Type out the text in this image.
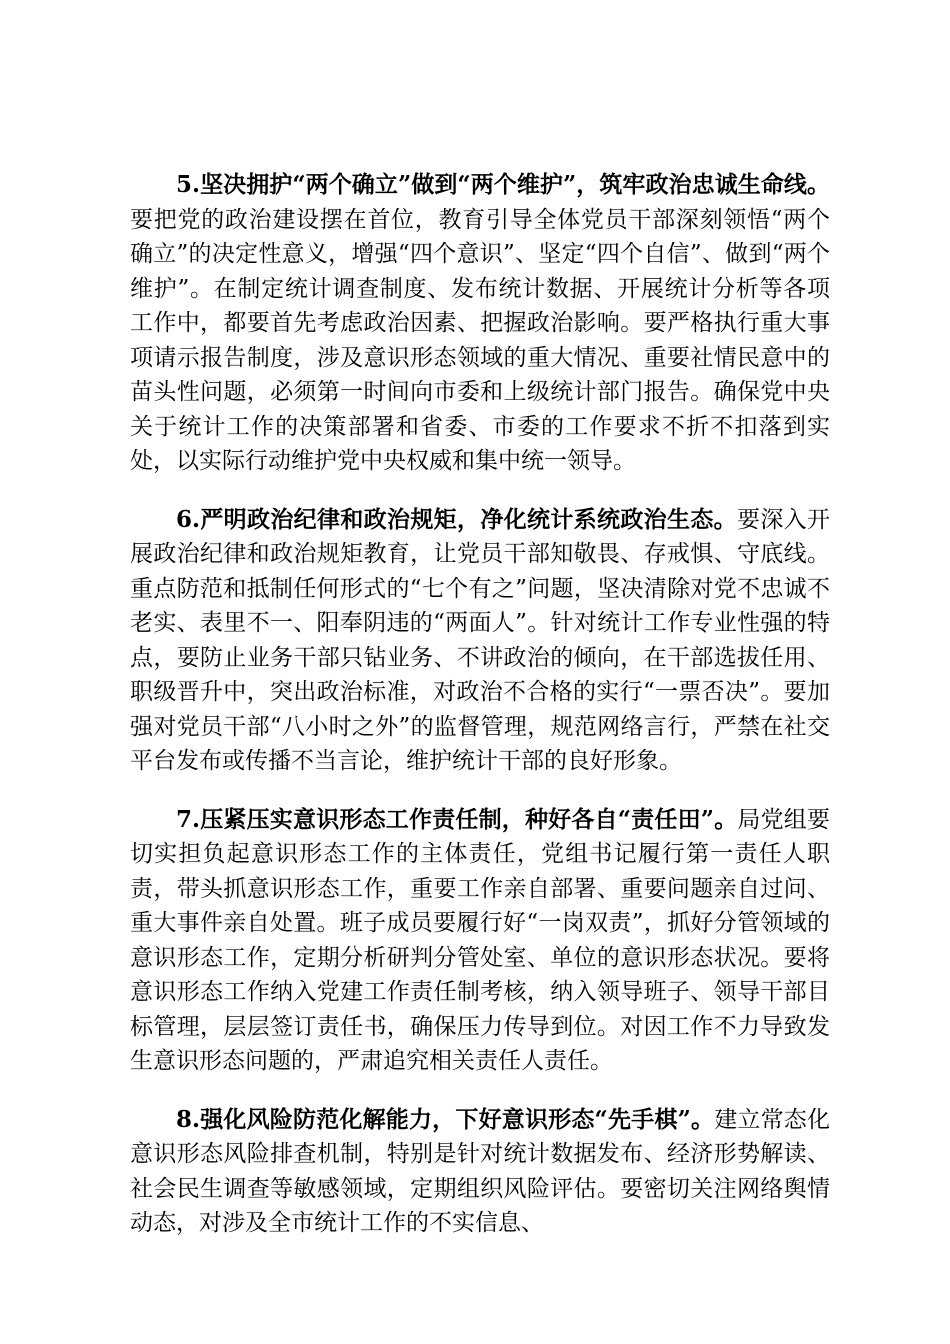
5.坚决拥护“两个确立”做到“两个维护”，筑牢政治忠诚生命线。要把党的政治建设摆在首位，教育引导全体党员干部深刻领悟“两个确立”的决定性意义，增强“四个意识”、坚定“四个自信”、做到“两个维护”。在制定统计调查制度、发布统计数据、开展统计分析等各项工作中，都要首先考虑政治因素、把握政治影响。要严格执行重大事项请示报告制度，涉及意识形态领域的重大情况、重要社情民意中的苗头性问题，必须第一时间向市委和上级统计部门报告。确保党中央关于统计工作的决策部署和省委、市委的工作要求不折不扣落到实处，以实际行动维护党中央权威和集中统一领导。

6.严明政治纪律和政治规矩，净化统计系统政治生态。要深入开展政治纪律和政治规矩教育，让党员干部知敬畏、存戒惧、守底线。重点防范和抵制任何形式的“七个有之”问题，坚决清除对党不忠诚不老实、表里不一、阳奉阴违的“两面人”。针对统计工作专业性强的特点，要防止业务干部只钻业务、不讲政治的倾向，在干部选拔任用、职级晋升中，突出政治标准，对政治不合格的实行“一票否决”。要加强对党员干部“八小时之外”的监督管理，规范网络言行，严禁在社交平台发布或传播不当言论，维护统计干部的良好形象。

7.压紧压实意识形态工作责任制，种好各自“责任田”。局党组要切实担负起意识形态工作的主体责任，党组书记履行第一责任人职责，带头抓意识形态工作，重要工作亲自部署、重要问题亲自过问、重大事件亲自处置。班子成员要履行好“一岗双责”，抓好分管领域的意识形态工作，定期分析研判分管处室、单位的意识形态状况。要将意识形态工作纳入党建工作责任制考核，纳入领导班子、领导干部目标管理，层层签订责任书，确保压力传导到位。对因工作不力导致发生意识形态问题的，严肃追究相关责任人责任。

8.强化风险防范化解能力，下好意识形态“先手棋”。建立常态化意识形态风险排查机制，特别是针对统计数据发布、经济形势解读、社会民生调查等敏感领域，定期组织风险评估。要密切关注网络舆情动态，对涉及全市统计工作的不实信息、
